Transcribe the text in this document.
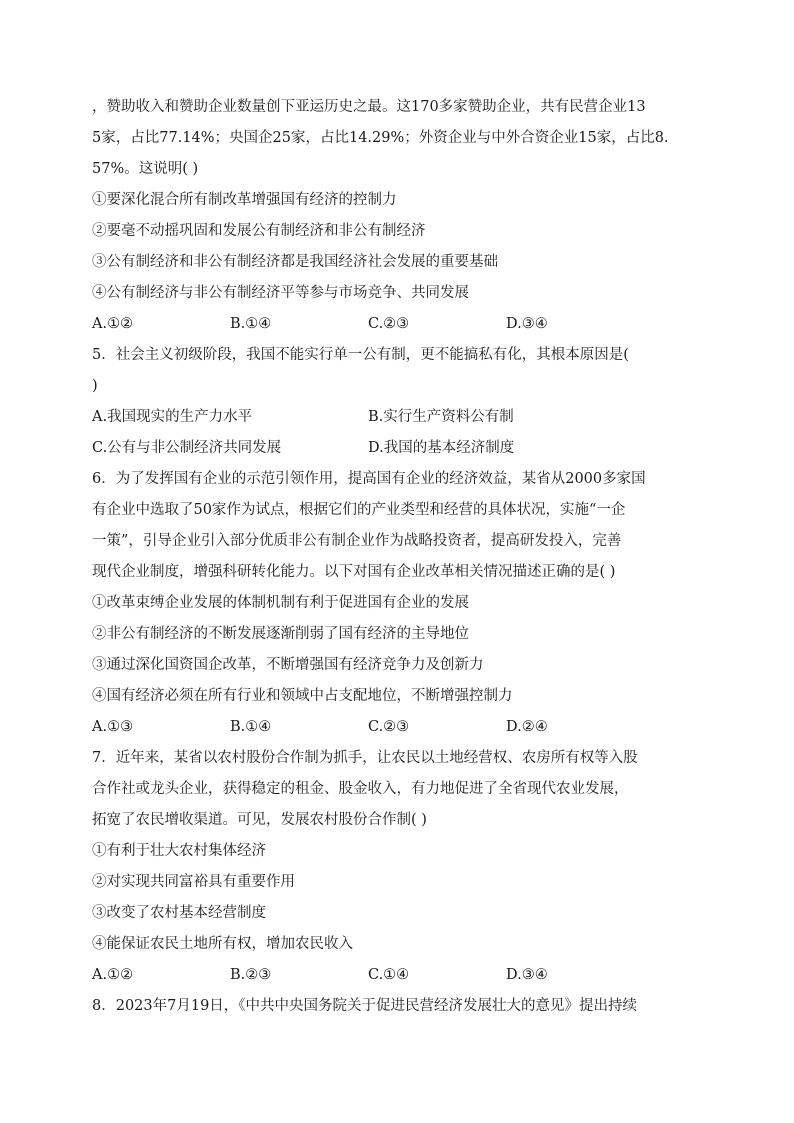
，赞助收入和赞助企业数量创下亚运历史之最。这170多家赞助企业，共有民营企业13

5家，占比77.14%；央国企25家，占比14.29%；外资企业与中外合资企业15家，占比8.

57%。这说明( )

①要深化混合所有制改革增强国有经济的控制力

②要毫不动摇巩固和发展公有制经济和非公有制经济

③公有制经济和非公有制经济都是我国经济社会发展的重要基础

④公有制经济与非公有制经济平等参与市场竞争、共同发展

A.①②	B.①④	C.②③	D.③④

5．社会主义初级阶段，我国不能实行单一公有制，更不能搞私有化，其根本原因是(

)

A.我国现实的生产力水平	B.实行生产资料公有制
C.公有与非公制经济共同发展	D.我国的基本经济制度

6．为了发挥国有企业的示范引领作用，提高国有企业的经济效益，某省从2000多家国

有企业中选取了50家作为试点，根据它们的产业类型和经营的具体状况，实施“一企

一策”，引导企业引入部分优质非公有制企业作为战略投资者，提高研发投入，完善

现代企业制度，增强科研转化能力。以下对国有企业改革相关情况描述正确的是( )

①改革束缚企业发展的体制机制有利于促进国有企业的发展

②非公有制经济的不断发展逐渐削弱了国有经济的主导地位

③通过深化国资国企改革，不断增强国有经济竞争力及创新力

④国有经济必须在所有行业和领域中占支配地位，不断增强控制力

A.①③	B.①④	C.②③	D.②④

7．近年来，某省以农村股份合作制为抓手，让农民以土地经营权、农房所有权等入股

合作社或龙头企业，获得稳定的租金、股金收入，有力地促进了全省现代农业发展，

拓宽了农民增收渠道。可见，发展农村股份合作制( )

①有利于壮大农村集体经济

②对实现共同富裕具有重要作用

③改变了农村基本经营制度

④能保证农民土地所有权，增加农民收入

A.①②	B.②③	C.①④	D.③④

8．2023年7月19日，《中共中央国务院关于促进民营经济发展壮大的意见》提出持续
